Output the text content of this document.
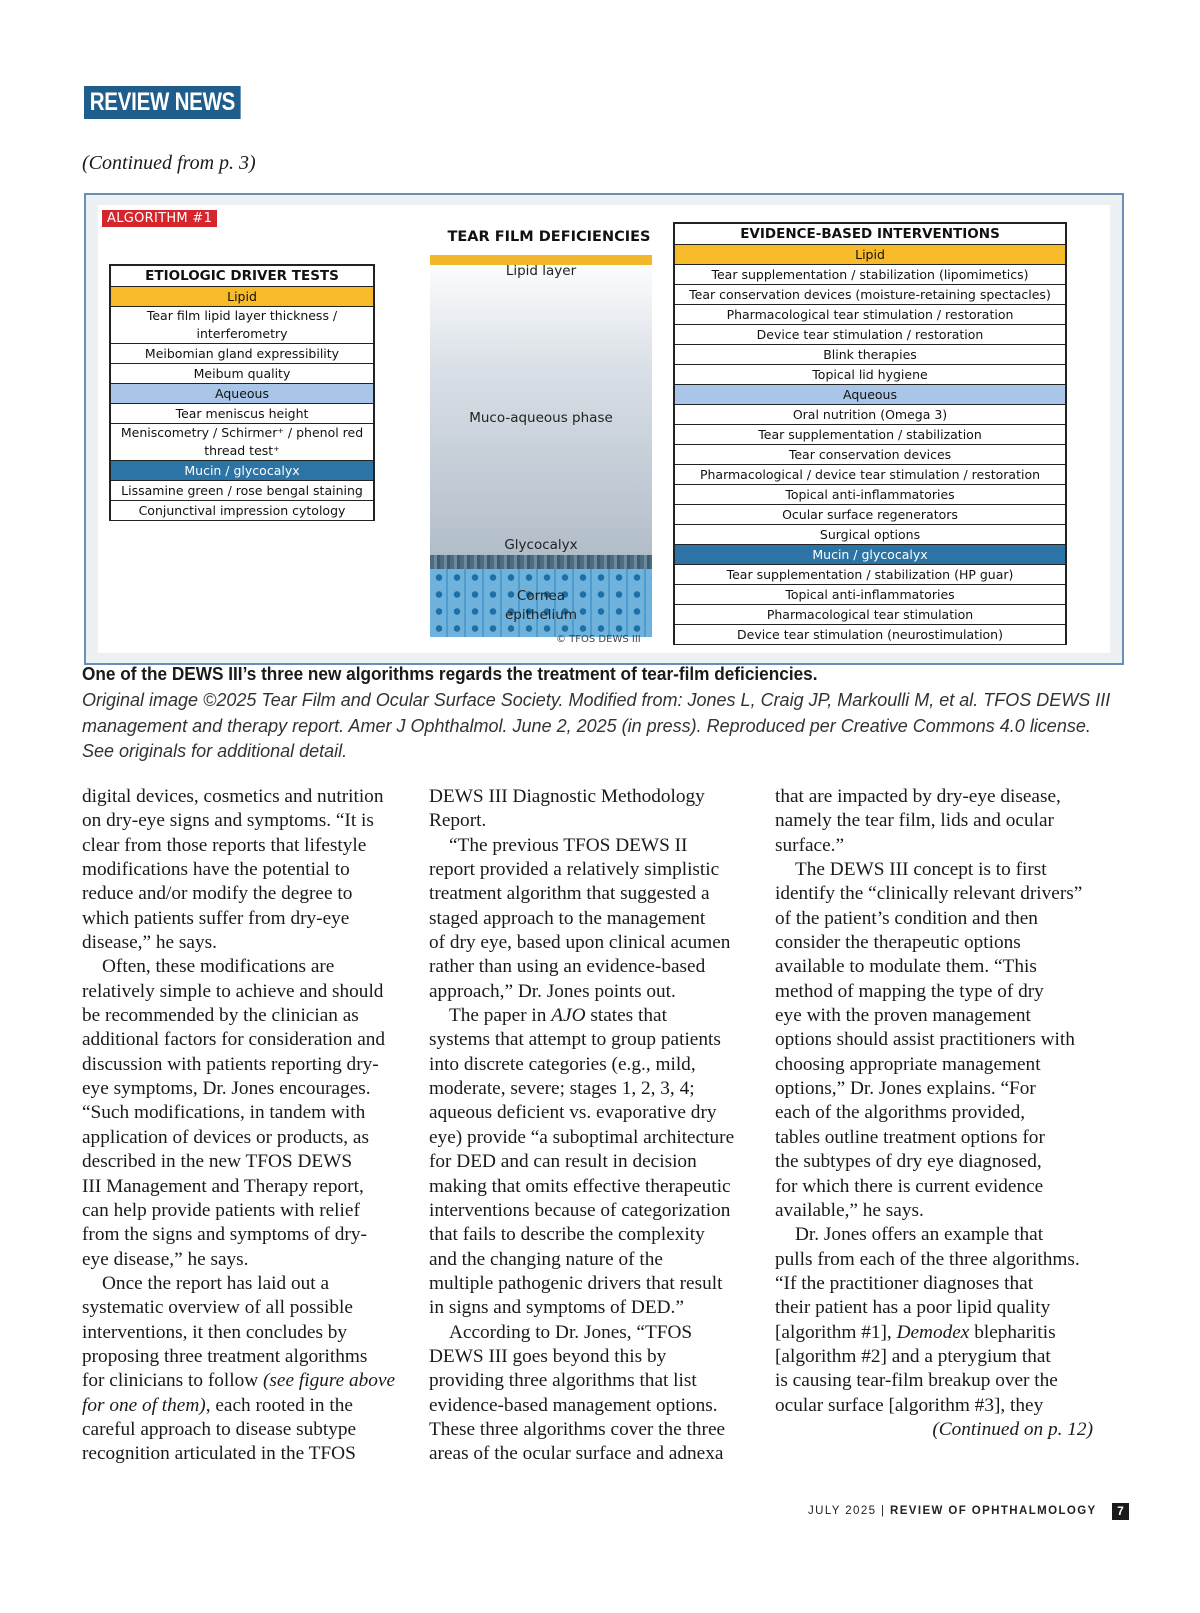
REVIEW NEWS
(Continued from p. 3)
ALGORITHM #1
ETIOLOGIC DRIVER TESTS
Lipid
Tear film lipid layer thickness / interferometry
Meibomian gland expressibility
Meibum quality
Aqueous
Tear meniscus height
Meniscometry / Schirmer⁺ / phenol red thread test⁺
Mucin / glycocalyx
Lissamine green / rose bengal staining
Conjunctival impression cytology
TEAR FILM DEFICIENCIES
Lipid layer
Muco-aqueous phase
Glycocalyx
Cornea epithelium
© TFOS DEWS III
EVIDENCE-BASED INTERVENTIONS
Lipid
Tear supplementation / stabilization (lipomimetics)
Tear conservation devices (moisture-retaining spectacles)
Pharmacological tear stimulation / restoration
Device tear stimulation / restoration
Blink therapies
Topical lid hygiene
Aqueous
Oral nutrition (Omega 3)
Tear supplementation / stabilization
Tear conservation devices
Pharmacological / device tear stimulation / restoration
Topical anti-inflammatories
Ocular surface regenerators
Surgical options
Mucin / glycocalyx
Tear supplementation / stabilization (HP guar)
Topical anti-inflammatories
Pharmacological tear stimulation
Device tear stimulation (neurostimulation)
One of the DEWS III’s three new algorithms regards the treatment of tear-film deficiencies.
Original image ©2025 Tear Film and Ocular Surface Society. Modified from: Jones L, Craig JP, Markoulli M, et al. TFOS DEWS III management and therapy report. Amer J Ophthalmol. June 2, 2025 (in press). Reproduced per Creative Commons 4.0 license. See originals for additional detail.
digital devices, cosmetics and nutrition
on dry-eye signs and symptoms. “It is
clear from those reports that lifestyle
modifications have the potential to
reduce and/or modify the degree to
which patients suffer from dry-eye
disease,” he says.
Often, these modifications are
relatively simple to achieve and should
be recommended by the clinician as
additional factors for consideration and
discussion with patients reporting dry-
eye symptoms, Dr. Jones encourages.
“Such modifications, in tandem with
application of devices or products, as
described in the new TFOS DEWS
III Management and Therapy report,
can help provide patients with relief
from the signs and symptoms of dry-
eye disease,” he says.
Once the report has laid out a
systematic overview of all possible
interventions, it then concludes by
proposing three treatment algorithms
for clinicians to follow (see figure above
for one of them), each rooted in the
careful approach to disease subtype
recognition articulated in the TFOS
DEWS III Diagnostic Methodology
Report.
“The previous TFOS DEWS II
report provided a relatively simplistic
treatment algorithm that suggested a
staged approach to the management
of dry eye, based upon clinical acumen
rather than using an evidence-based
approach,” Dr. Jones points out.
The paper in AJO states that
systems that attempt to group patients
into discrete categories (e.g., mild,
moderate, severe; stages 1, 2, 3, 4;
aqueous deficient vs. evaporative dry
eye) provide “a suboptimal architecture
for DED and can result in decision
making that omits effective therapeutic
interventions because of categorization
that fails to describe the complexity
and the changing nature of the
multiple pathogenic drivers that result
in signs and symptoms of DED.”
According to Dr. Jones, “TFOS
DEWS III goes beyond this by
providing three algorithms that list
evidence-based management options.
These three algorithms cover the three
areas of the ocular surface and adnexa
that are impacted by dry-eye disease,
namely the tear film, lids and ocular
surface.”
The DEWS III concept is to first
identify the “clinically relevant drivers”
of the patient’s condition and then
consider the therapeutic options
available to modulate them. “This
method of mapping the type of dry
eye with the proven management
options should assist practitioners with
choosing appropriate management
options,” Dr. Jones explains. “For
each of the algorithms provided,
tables outline treatment options for
the subtypes of dry eye diagnosed,
for which there is current evidence
available,” he says.
Dr. Jones offers an example that
pulls from each of the three algorithms.
“If the practitioner diagnoses that
their patient has a poor lipid quality
[algorithm #1], Demodex blepharitis
[algorithm #2] and a pterygium that
is causing tear-film breakup over the
ocular surface [algorithm #3], they
(Continued on p. 12)
JULY 2025 | REVIEW OF OPHTHALMOLOGY	7
